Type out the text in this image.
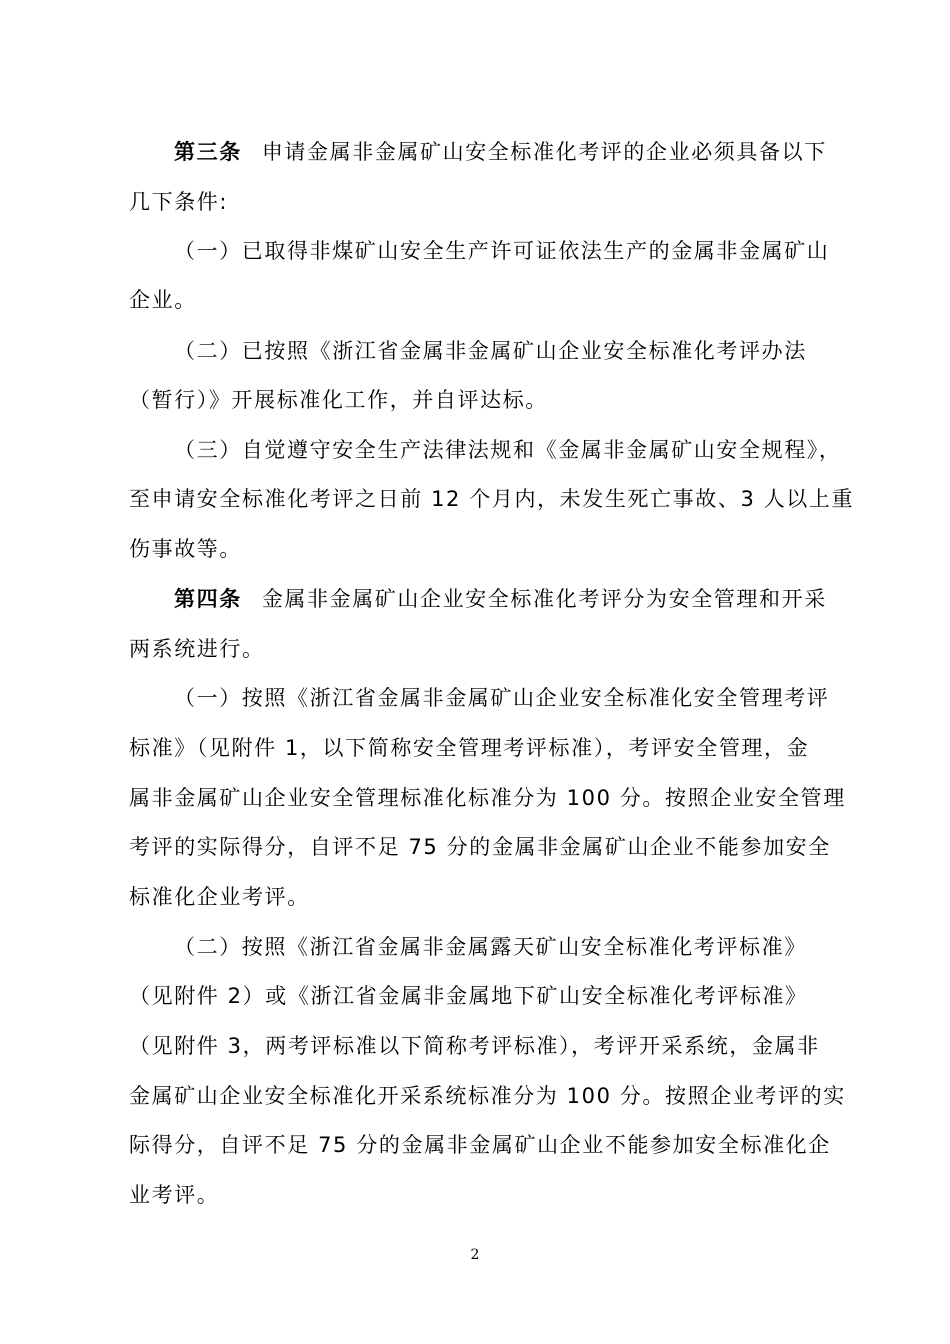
第三条 申请金属非金属矿山安全标准化考评的企业必须具备以下
几下条件:
（一）已取得非煤矿山安全生产许可证依法生产的金属非金属矿山
企业。
（二）已按照《浙江省金属非金属矿山企业安全标准化考评办法
（暂行）》开展标准化工作，并自评达标。
（三）自觉遵守安全生产法律法规和《金属非金属矿山安全规程》，
至申请安全标准化考评之日前 12 个月内，未发生死亡事故、3 人以上重
伤事故等。
第四条 金属非金属矿山企业安全标准化考评分为安全管理和开采
两系统进行。
（一）按照《浙江省金属非金属矿山企业安全标准化安全管理考评
标准》（见附件 1，以下简称安全管理考评标准），考评安全管理，金
属非金属矿山企业安全管理标准化标准分为 100 分。按照企业安全管理
考评的实际得分，自评不足 75 分的金属非金属矿山企业不能参加安全
标准化企业考评。
（二）按照《浙江省金属非金属露天矿山安全标准化考评标准》
（见附件 2）或《浙江省金属非金属地下矿山安全标准化考评标准》
（见附件 3，两考评标准以下简称考评标准），考评开采系统，金属非
金属矿山企业安全标准化开采系统标准分为 100 分。按照企业考评的实
际得分，自评不足 75 分的金属非金属矿山企业不能参加安全标准化企
业考评。
2
